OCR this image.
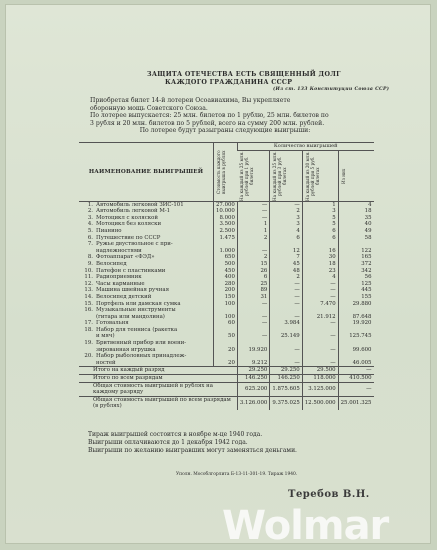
ЗАЩИТА ОТЕЧЕСТВА ЕСТЬ СВЯЩЕННЫЙ ДОЛГ
КАЖДОГО ГРАЖДАНИНА СССР
(Из ст. 133 Конституции Союза ССР)
Приобретая билет 14-й лотереи Осоавиахима, Вы укрепляете
оборонную мощь Советского Союза.
По лотерее выпускается: 25 млн. билетов по 1 рублю, 25 млн. билетов по
3 рубля и 20 млн. билетов по 5 рублей, всего на сумму 200 млн. рублей.
По лотерее будут разыграны следующие выигрыши:
НАИМЕНОВАНИЕ ВЫИГРЫШЕЙ	Стоимость каждого выигрыша в рублях	Количество выигрышей			

		На каждый из 25 млн. рублей при 1 руб. билетах	На каждый из 25 млн. рублей при 3 руб. билетах	На каждый из 20 млн. рублей при 5 руб. билетах	Из них

1. Автомобиль легковой ЗИС-101	27.000	—	—	1	4
2. Автомобиль легковой М-1	10.000	—	2	3	18
3. Мотоцикл с коляской	8.000	—	3	5	35
4. Мотоцикл без коляски	3.500	1	3	5	40
5. Пианино	2.500	1	4	6	49
6. Путешествие по СССР	1.475	2	6	6	58
7. Ружье двуствольное с при-					
надлежностями	1.000	—	12	16	122
8. Фотоаппарат «ФЭД»	650	2	7	30	165
9. Велосипед	500	15	45	18	372
10. Патефон с пластинками	450	26	48	23	342
11. Радиоприемник	400	6	2	4	56
12. Часы карманные	280	25	—	—	125
13. Машина швейная ручная	200	89	—	—	445
14. Велосипед детский	150	31	—	—	155
15. Портфель или дамская сумка	100	—	—	7.470	29.880
16. Музыкальные инструменты					
(гитара или мандолина)	100	—	—	21.912	87.648
17. Готовальня	60	—	3.984	—	19.920
18. Набор для тенниса (ракетка					
и мяч)	50	—	25.149	—	125.745
19. Бритвенный прибор или воени-					
зированная игрушка	20	19.920	—	—	99.600
20. Набор рыболовных принадлеж-					
ностей	20	9.212	—	—	46.005
Итого на каждый разряд		29.250	29.250	29.500	—
Итого по всем разрядам		146.250	146.250	118.000	410.500
Общая стоимость выигрышей в рублях на каждому разряду		625.200	1.875.605	3.125.000	—
Общая стоимость выигрышей по всем разрядам (в рублях)		3.126.000	9.375.025	12.500.000	25.001.325
Тираж выигрышей состоится в ноябре м-це 1940 года.
Выигрыши оплачиваются до 1 декабря 1942 года.
Выигрыши по желанию выигравших могут заменяться деньгами.
Уполн. Мособлгорлита Б-13-11-301-19. Тираж 1940.
Теребов В.Н.
Wolmar
